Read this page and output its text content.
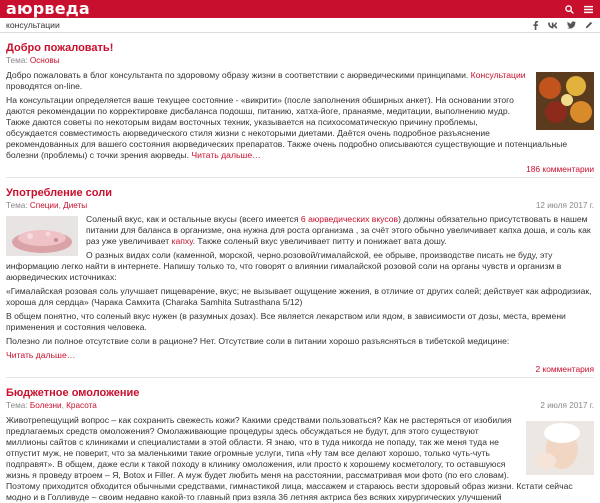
аюрведа
консультации
Добро пожаловать!
Тема: Основы
Добро пожаловать в блог консультанта по здоровому образу жизни в соответствии с аюрведическими принципами. Консультации проводятся on-line.
На консультации определяется ваше текущее состояние - «викрити» (после заполнения обширных анкет). На основании этого даются рекомендации по корректировке дисбаланса подошш, питанию, хатха-йоге, пранаяме, медитации, выполнению мудр. Также даются советы по некоторым видам восточных техник, указывается на психосоматическую причину проблемы, обсуждается совместимость аюрведического стиля жизни с некоторыми диетами. Даётся очень подробное разъяснение рекомендованных для вашего состояния аюрведических препаратов. Также очень подробно описываются существующие и потенциальные болезни (проблемы) с точки зрения аюрведы. Читать дальше…
186 комментарии
Употребление соли
Тема: Специи, Диеты	12 июля 2017 г.
Соленый вкус, как и остальные вкусы (всего имеется 6 аюрведических вкусов) должны обязательно присутствовать в нашем питании для баланса в организме, она нужна для роста организма , за счёт этого обычно увеличивает капха доша, и соль как раз уже увеличивает капху. Также соленый вкус увеличивает питту и понижает вата дошу.
О разных видах соли (каменной, морской, черно.розовой/гималайской, ее обрыве, производстве писать не буду, эту информацию легко найти в интернете. Напишу только то, что говорят о влиянии гималайской розовой соли на органы чувств и организм в аюрведических источниках:
«Гималайская розовая соль улучшает пищеварение, вкус; не вызывает ощущение жжения, в отличие от других солей; действует как афродизиак, хороша для сердца» (Чарака Самхита (Charaka Samhita Sutrasthana 5/12)
В общем понятно, что соленый вкус нужен (в разумных дозах). Все является лекарством или ядом, в зависимости от дозы, места, времени применения и состояния человека.
Полезно ли полное отсутствие соли в рационе? Нет. Отсутствие соли в питании хорошо разъясняться в тибетской медицине:
Читать дальше…
2 комментария
Бюджетное омоложение
Тема: Болезни, Красота	2 июля 2017 г.
Животрепещущий вопрос – как сохранить свежесть кожи? Какими средствами пользоваться? Как не растеряться от изобилия предлагаемых средств омоложения? Омолаживающие процедуры здесь обсуждаться не будут, для этого существуют миллионы сайтов с клиниками и специалистами в этой области. Я знаю, что в туда никогда не попаду, так же меня туда не отпустит муж, не поверит, что за маленькими такие огромные услуги, типа «Ну там все делают хорошо, только чуть-чуть подправят». В общем, даже если к такой походу в клинику омоложения, или просто к хорошему косметологу, то оставшуюся жизнь я проведу втроем – Я, Botox и Filler. А муж будет любить меня на расстоянии, рассматривая мои фото (по его словам). Поэтому приходится обходится обычными средствами, гимнастикой лица, массажем и стараюсь вести здоровый образ жизни. Кстати сейчас модно и в Голливуде – своим недавно какой-то главный приз взяла 36 летняя актриса без всяких хирургических улучшений
